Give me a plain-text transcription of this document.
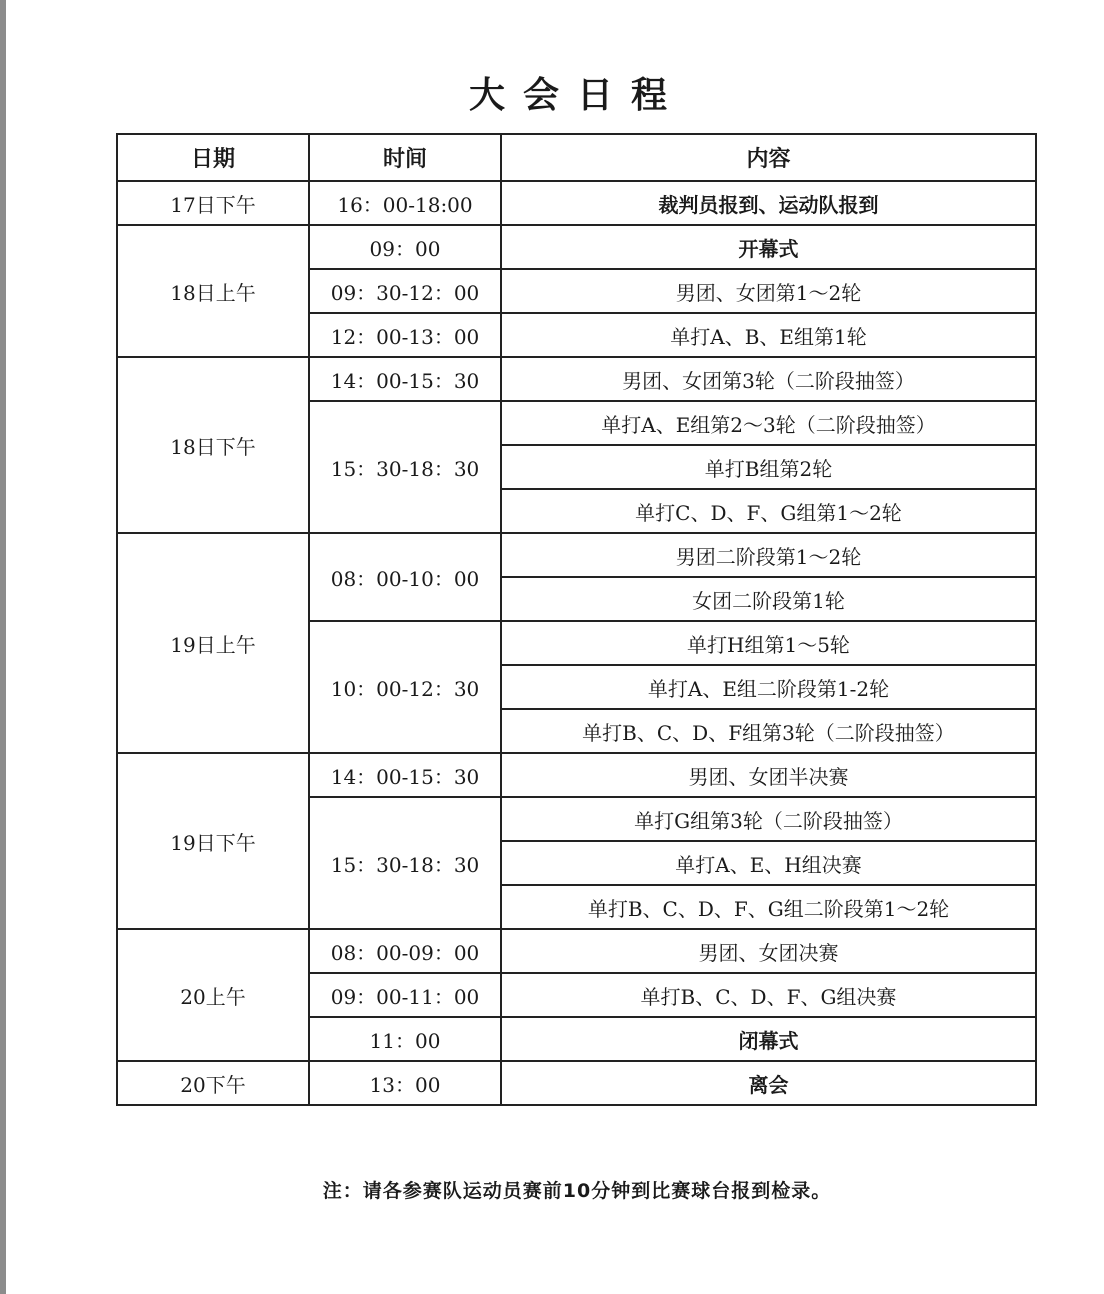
大会日程
日期	时间	内容
17日下午	16：00-18:00	裁判员报到、运动队报到
18日上午	09：00	开幕式
	09：30-12：00	男团、女团第1～2轮
	12：00-13：00	单打A、B、E组第1轮
18日下午	14：00-15：30	男团、女团第3轮（二阶段抽签）
	15：30-18：30	单打A、E组第2～3轮（二阶段抽签）
		单打B组第2轮
		单打C、D、F、G组第1～2轮
19日上午	08：00-10：00	男团二阶段第1～2轮
		女团二阶段第1轮
	10：00-12：30	单打H组第1～5轮
		单打A、E组二阶段第1-2轮
		单打B、C、D、F组第3轮（二阶段抽签）
19日下午	14：00-15：30	男团、女团半决赛
	15：30-18：30	单打G组第3轮（二阶段抽签）
		单打A、E、H组决赛
		单打B、C、D、F、G组二阶段第1～2轮
20上午	08：00-09：00	男团、女团决赛
	09：00-11：00	单打B、C、D、F、G组决赛
	11：00	闭幕式
20下午	13：00	离会
注：请各参赛队运动员赛前10分钟到比赛球台报到检录。
